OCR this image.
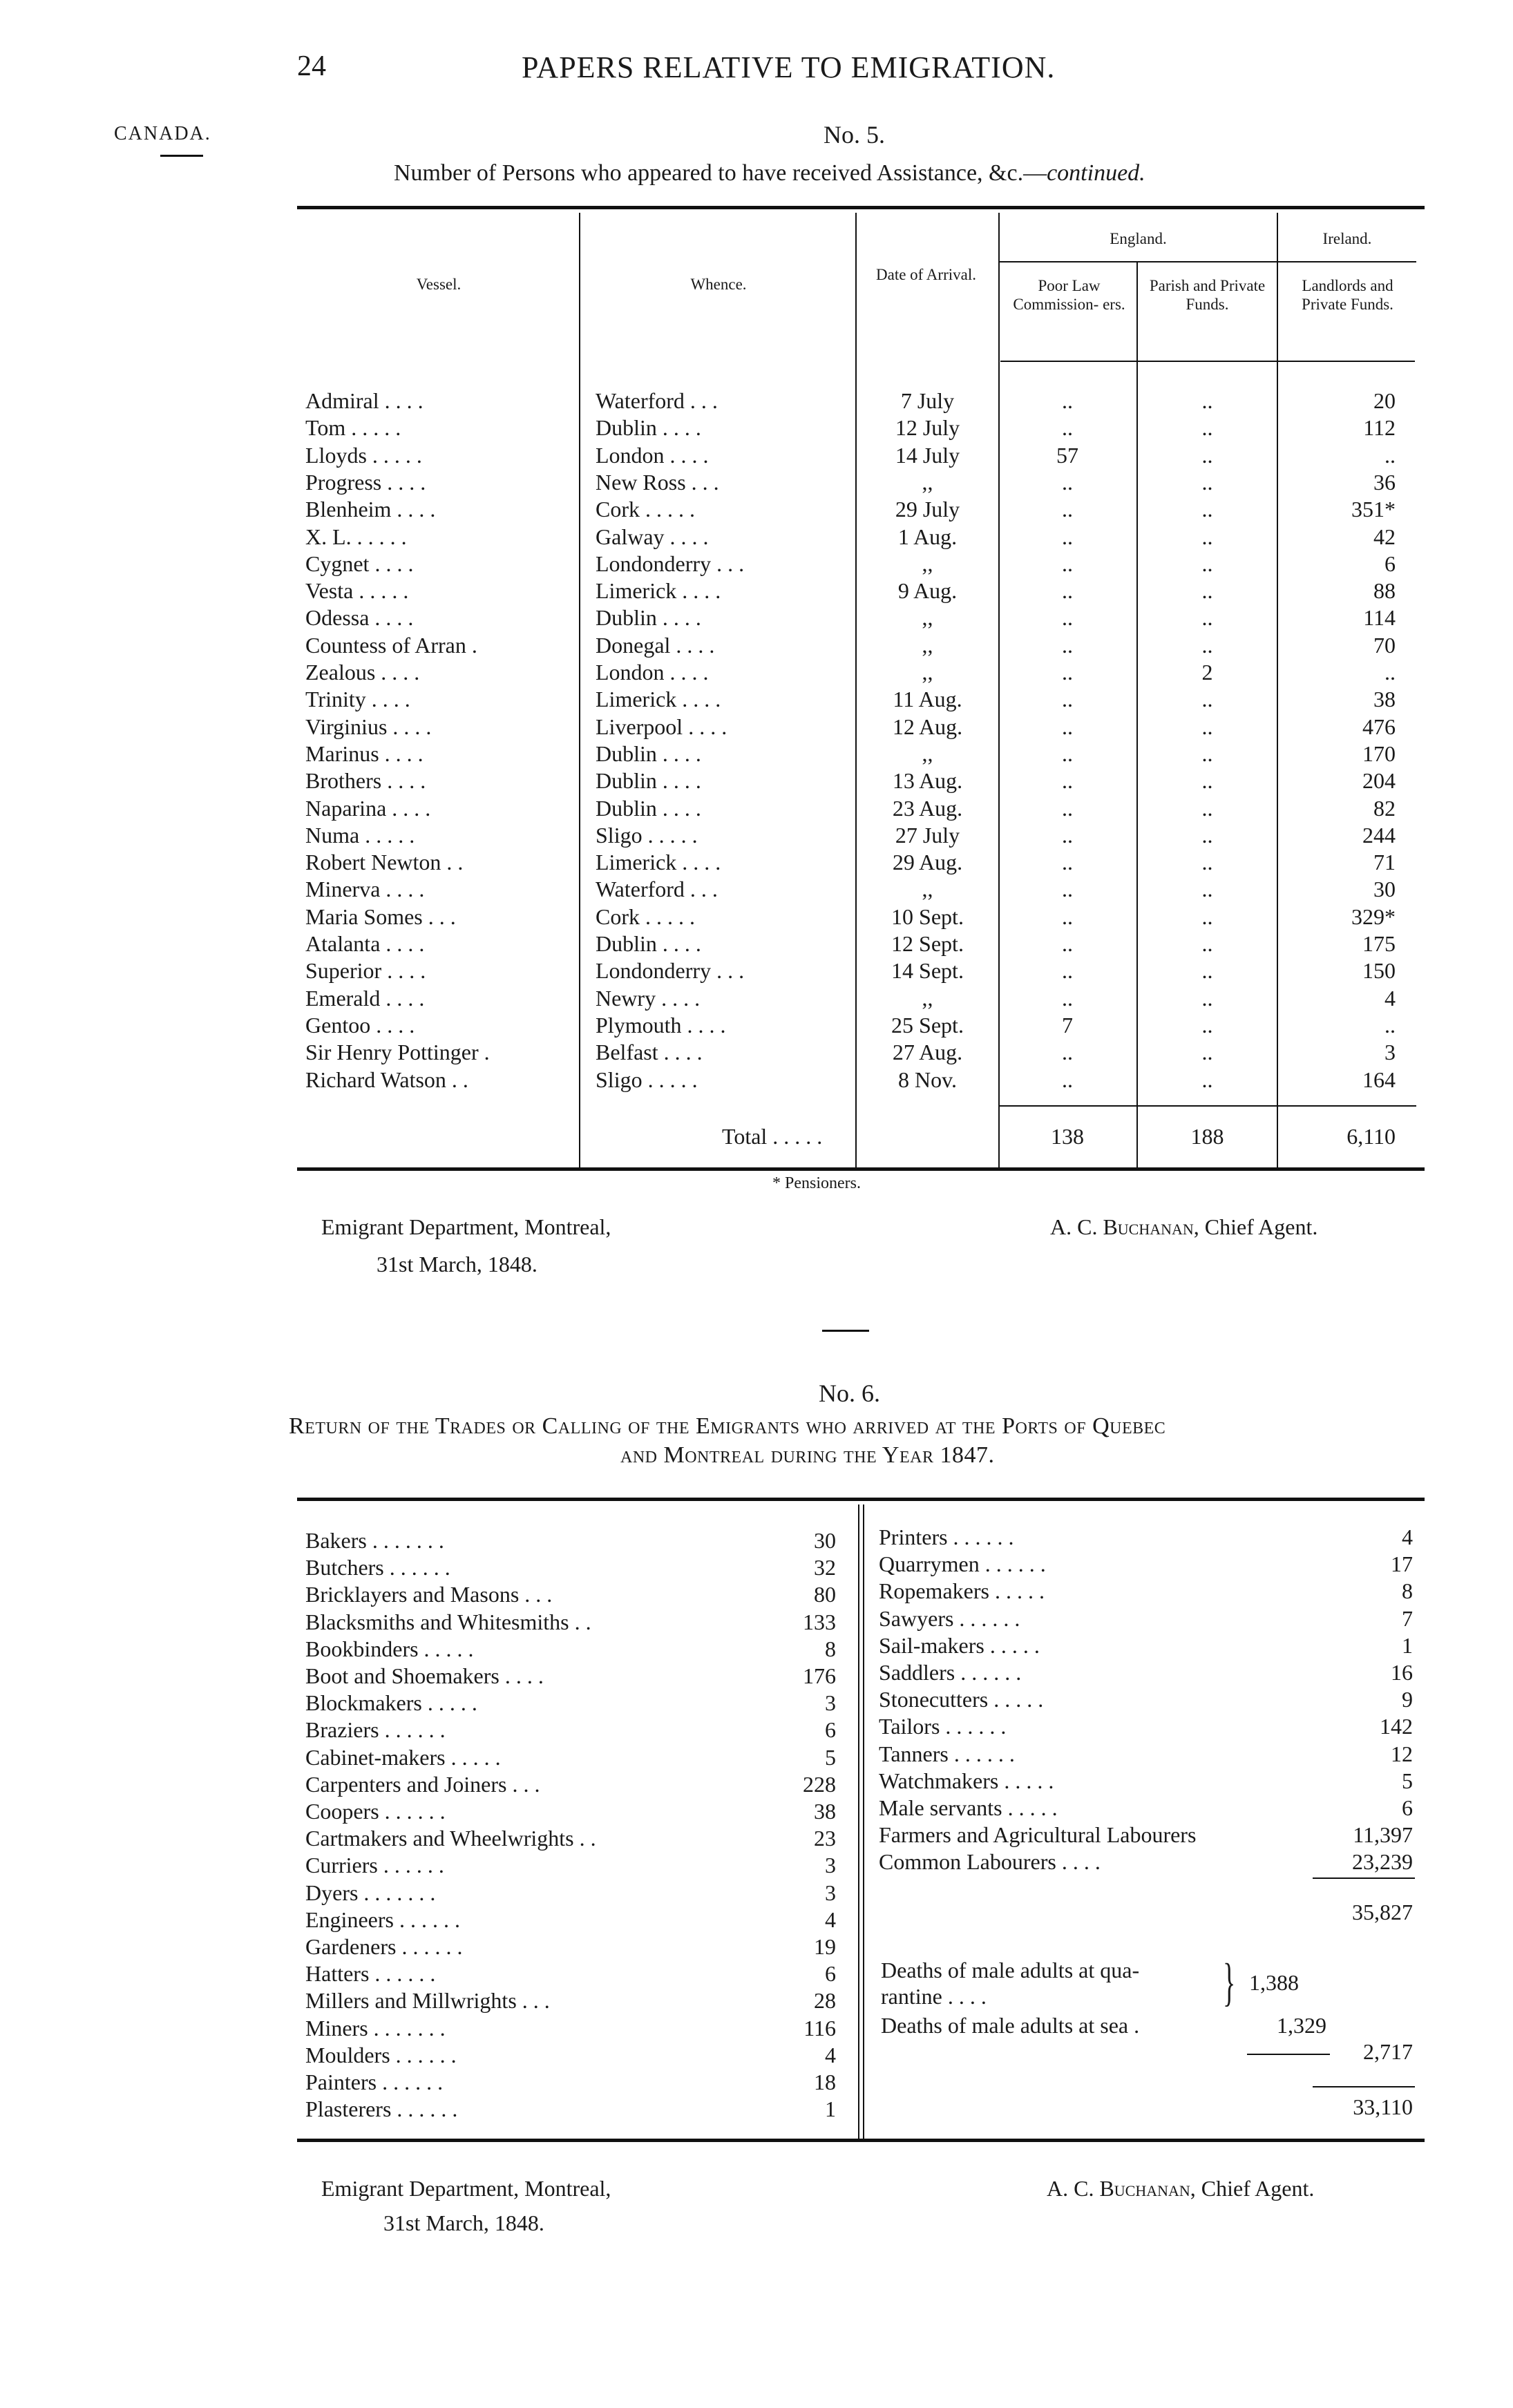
24	PAPERS RELATIVE TO EMIGRATION.
CANADA.	No. 5.
Number of Persons who appeared to have received Assistance, &c.—continued.
Vessel.	Whence.
Date of Arrival.
England.	Ireland.
Poor Law Commission- ers.
Parish and Private Funds.
Landlords and Private Funds.
Admiral . . . .	Waterford . . .	7 July	..	..	20
Tom . . . . .	Dublin . . . .	12 July	..	..	112
Lloyds . . . . .	London . . . .	14 July	57	..	..
Progress . . . .	New Ross . . .	,,	..	..	36
Blenheim . . . .	Cork . . . . .	29 July	..	..	351*
X. L. . . . . .	Galway . . . .	1 Aug.	..	..	42
Cygnet . . . .	Londonderry . . .	,,	..	..	6
Vesta . . . . .	Limerick . . . .	9 Aug.	..	..	88
Odessa . . . .	Dublin . . . .	,,	..	..	114
Countess of Arran .	Donegal . . . .	,,	..	..	70
Zealous . . . .	London . . . .	,,	..	2	..
Trinity . . . .	Limerick . . . .	11 Aug.	..	..	38
Virginius . . . .	Liverpool . . . .	12 Aug.	..	..	476
Marinus . . . .	Dublin . . . .	,,	..	..	170
Brothers . . . .	Dublin . . . .	13 Aug.	..	..	204
Naparina . . . .	Dublin . . . .	23 Aug.	..	..	82
Numa . . . . .	Sligo . . . . .	27 July	..	..	244
Robert Newton . .	Limerick . . . .	29 Aug.	..	..	71
Minerva . . . .	Waterford . . .	,,	..	..	30
Maria Somes . . .	Cork . . . . .	10 Sept.	..	..	329*
Atalanta . . . .	Dublin . . . .	12 Sept.	..	..	175
Superior . . . .	Londonderry . . .	14 Sept.	..	..	150
Emerald . . . .	Newry . . . .	,,	..	..	4
Gentoo . . . .	Plymouth . . . .	25 Sept.	7	..	..
Sir Henry Pottinger .	Belfast . . . .	27 Aug.	..	..	3
Richard Watson . .	Sligo . . . . .	8 Nov.	..	..	164
Total . . . . .	138	188	6,110
* Pensioners.
Emigrant Department, Montreal,
31st March, 1848.
A. C. Buchanan, Chief Agent.
No. 6.
Return of the Trades or Calling of the Emigrants who arrived at the Ports of Quebec
and Montreal during the Year 1847.
Bakers . . . . . . .	30
Butchers . . . . . .	32
Bricklayers and Masons . . .	80
Blacksmiths and Whitesmiths . .	133
Bookbinders . . . . .	8
Boot and Shoemakers . . . .	176
Blockmakers . . . . .	3
Braziers . . . . . .	6
Cabinet-makers . . . . .	5
Carpenters and Joiners . . .	228
Coopers . . . . . .	38
Cartmakers and Wheelwrights . .	23
Curriers . . . . . .	3
Dyers . . . . . . .	3
Engineers . . . . . .	4
Gardeners . . . . . .	19
Hatters . . . . . .	6
Millers and Millwrights . . .	28
Miners . . . . . . .	116
Moulders . . . . . .	4
Painters . . . . . .	18
Plasterers . . . . . .	1
Printers . . . . . .	4
Quarrymen . . . . . .	17
Ropemakers . . . . .	8
Sawyers . . . . . .	7
Sail-makers . . . . .	1
Saddlers . . . . . .	16
Stonecutters . . . . .	9
Tailors . . . . . .	142
Tanners . . . . . .	12
Watchmakers . . . . .	5
Male servants . . . . .	6
Farmers and Agricultural Labourers	11,397
Common Labourers . . . .	23,239
35,827
Deaths of male adults at qua-
rantine . . . .	} 1,388
Deaths of male adults at sea .	1,329
2,717
33,110
Emigrant Department, Montreal,
31st March, 1848.
A. C. Buchanan, Chief Agent.
